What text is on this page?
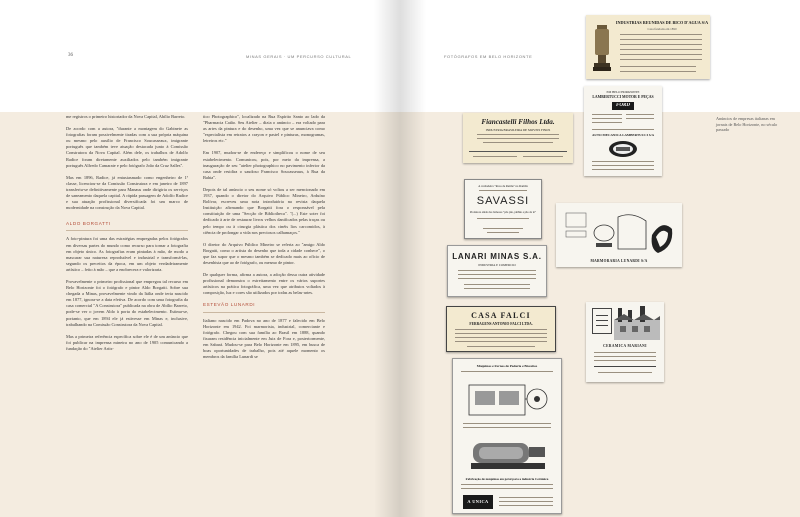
36	MINAS GERAIS · UM PERCURSO CULTURAL

me registros o primeiro historiador da Nova Capital, Abílio Barreto.

De acordo com a autora, "durante a montagem do Gabinete as fotografias foram possivelmente tiradas com a sua própria máquina ou mesmo pelo auxílio de Francisco Soucasseaux, imigrante português que também teve atuação destacada junto à Comissão Construtora da Nova Capital. Além dele, os trabalhos de Adolfo Radice foram diretamente auxiliados pelo também imigrante português Alfredo Camarate e pelo fotógrafo João da Cruz Salles".

Mas em 1896, Radice, já entusiasmado como engenheiro de 1ª classe, licenciou-se da Comissão Construtora e em janeiro de 1897 transferiu-se definitivamente para Manaus onde dirigiria os serviços de saneamento daquela capital. A rápida passagem de Adolfo Radice e sua atuação profissional diversificada foi um marco de modernidade na construção da Nova Capital.

ALDO BORGATTI

A foto-pintura foi uma das estratégias empregadas pelos fotógrafos em diversas partes do mundo como recurso para tornar a fotografia em objeto único. As fotografias eram pintadas à mão, de modo a mascarar sua natureza reprodutível e industrial e transformá-las, segundo os preceitos da época, em um objeto verdadeiramente artístico – feito à mão – que a enobrecera e valorizaria.

Provavelmente o primeiro profissional que empregou tal recurso em Belo Horizonte foi o fotógrafo e pintor Aldo Borgatti. Sobre sua chegada a Minas, provavelmente vindo da Itália onde teria nascido em 1877, ignora-se a data efetiva. De acordo com uma fotografia da casa comercial "A Construtora" publicada na obra de Abílio Barreto, pode-se ver o jovem Aldo à porta do estabelecimento. Estima-se, portanto, que em 1894 ele já estivesse em Minas e, inclusive, trabalhando na Comissão Construtora da Nova Capital.

Mas a primeira referência específica sobre ele é de um anúncio que foi publicar na imprensa mineira no ano de 1905 comunicando a fundação do "Atelier Artis-

tico Photographico", localizado na Rua Espírito Santo ao lado da "Pharmacia Catão. Seu Atelier – dizia o anúncio – era voltado para as artes da pintura e do desenho, uma vez que se anunciava como "especialista em retratos a crayon e pastel e pinturas, monogramas, letreiros etc."

Em 1907, mudou-se de endereço e simplificou o nome de seu estabelecimento. Comunicou, pois, por meio da imprensa, a inauguração de seu "atelier photographico no pavimento inferior da casa onde residira o saudoso Francisco Soucasseaux, à Rua da Bahia".

Depois de tal anúncio o seu nome só voltou a ser mencionado em 1937, quando o diretor do Arquivo Público Mineiro, Arduíno Bolívar, escreveu uma nota introdutória na revista daquela Instituição afirmando que Borgatti fora o responsável pela constituição de uma "Secção de Bibliotheca". "(...) Este soter foi dedicado à arte de restaurar livros velhos danificados pelas traças ou pelo tempo ou à cirurgia plástica dos cinéis lios carcomidos, à ciência de prolongar a vida nos preciosos calhamaços."

O diretor do Arquivo Público Mineiro se referia ao "amigo Aldo Borgatti, como o artista do desenho que toda a cidade conhece", o que faz supor que o mesmo também se dedicado mais ao ofício de desenhista que ao de fotógrafo, ou mesmo de pintor.

De qualquer forma, afirma a autora, a adoção dessa outra atividade profissional demonstra o estreitamento entre os vários suportes artísticos na prática fotográfica, uma vez que atributos voltados à composição, luz e cores são utilizados por todas as belas-artes.

ESTEVÃO LUNARDI

Italiano nascido em Padova no ano de 1877 e falecido em Belo Horizonte em 1942. Foi marmorista, industrial, comerciante e fotógrafo. Chegou com sua família ao Brasil em 1888, quando fixaram residência inicialmente em Juiz de Fora e, posteriormente, em Sabará. Mudou-se para Belo Horizonte em 1895, em busca de boas oportunidades de trabalho, pois até aquele momento os membros da família Lunardi se

FOTÓGRAFOS EM BELO HORIZONTE
Anúncios de empresas italianas em jornais de Belo Horizonte, no século passado
INDUSTRIAS REUNIDAS DE BICO D'AGUA S/A
Casa fundada em 1890
Fiancastelli Filhos Ltda.
INDUSTRIA BRASILEIRA DE MOVEIS FINOS
EM BELO HORIZONTE
LAMBERTUCCI MOTOR E PEÇAS
FORD
AUTO MECANICA LAMBERTUCCI S/A
A verdadeira "Rosa de Reims" na Ramila
SAVASSI
Produtora ainda dos famosos "pão pão, pinhão e pão de ló"
MARMORARIA LUNARDI S/A
LANARI MINAS S.A.
INDUSTRIA E COMERCIO
CASA FALCI
FERRAGENS ANTONIO FALCI LTDA.
CERÂMICA MARIANI
Máquinas e Fornos de Padaria e Biscoitos
Fabricação de máquinas em geral para a industria Cerâmica
A UNICA
